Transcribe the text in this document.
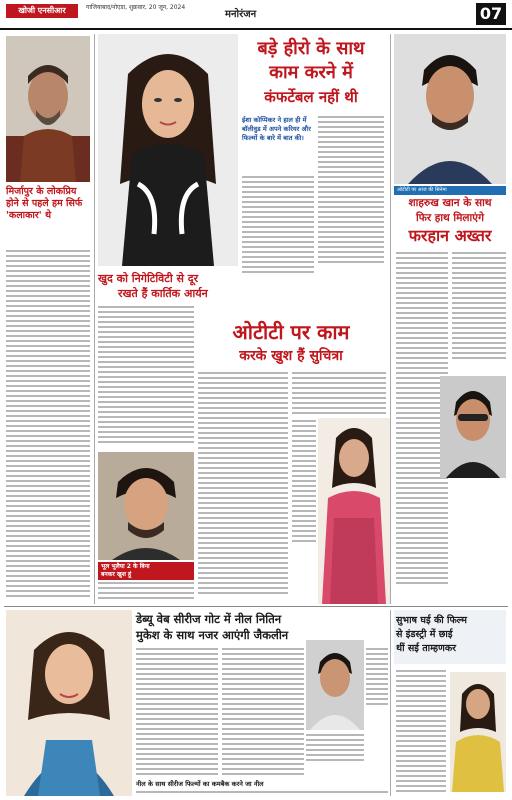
खोजी एनसीआर	गाजियाबाद/नोएडा, शुक्रवार, 20 जून, 2024
मनोरंजन	07
मिर्जापुर के लोकप्रिय होने से पहले हम सिर्फ 'कलाकार' थे
बड़े हीरो के साथ
काम करने में
कंफर्टेबल नहीं थी
ईशा कोप्पिकर ने हाल ही में बॉलीवुड में अपने करियर और फिल्मों के बारे में बात की।
खुद को निगेटिविटी से दूर
रखते हैं कार्तिक आर्यन
भूल भुलैया 2 के बिना
बनकर खुश हूं
ओटीटी पर काम
करके खुश हैं सुचित्रा
ओटीटी पर आज की सिनेमा
शाहरुख खान के साथ
फिर हाथ मिलाएंगे
फरहान अख्तर
डेब्यू वेब सीरीज गोट में नील नितिन
मुकेश के साथ नजर आएंगी जैकलीन
नील के साथ सीरीज फिल्मों का कमबैक करने जा नील
सुभाष घई की फिल्म
से इंडस्ट्री में छाई
थीं सई ताम्हणकर
